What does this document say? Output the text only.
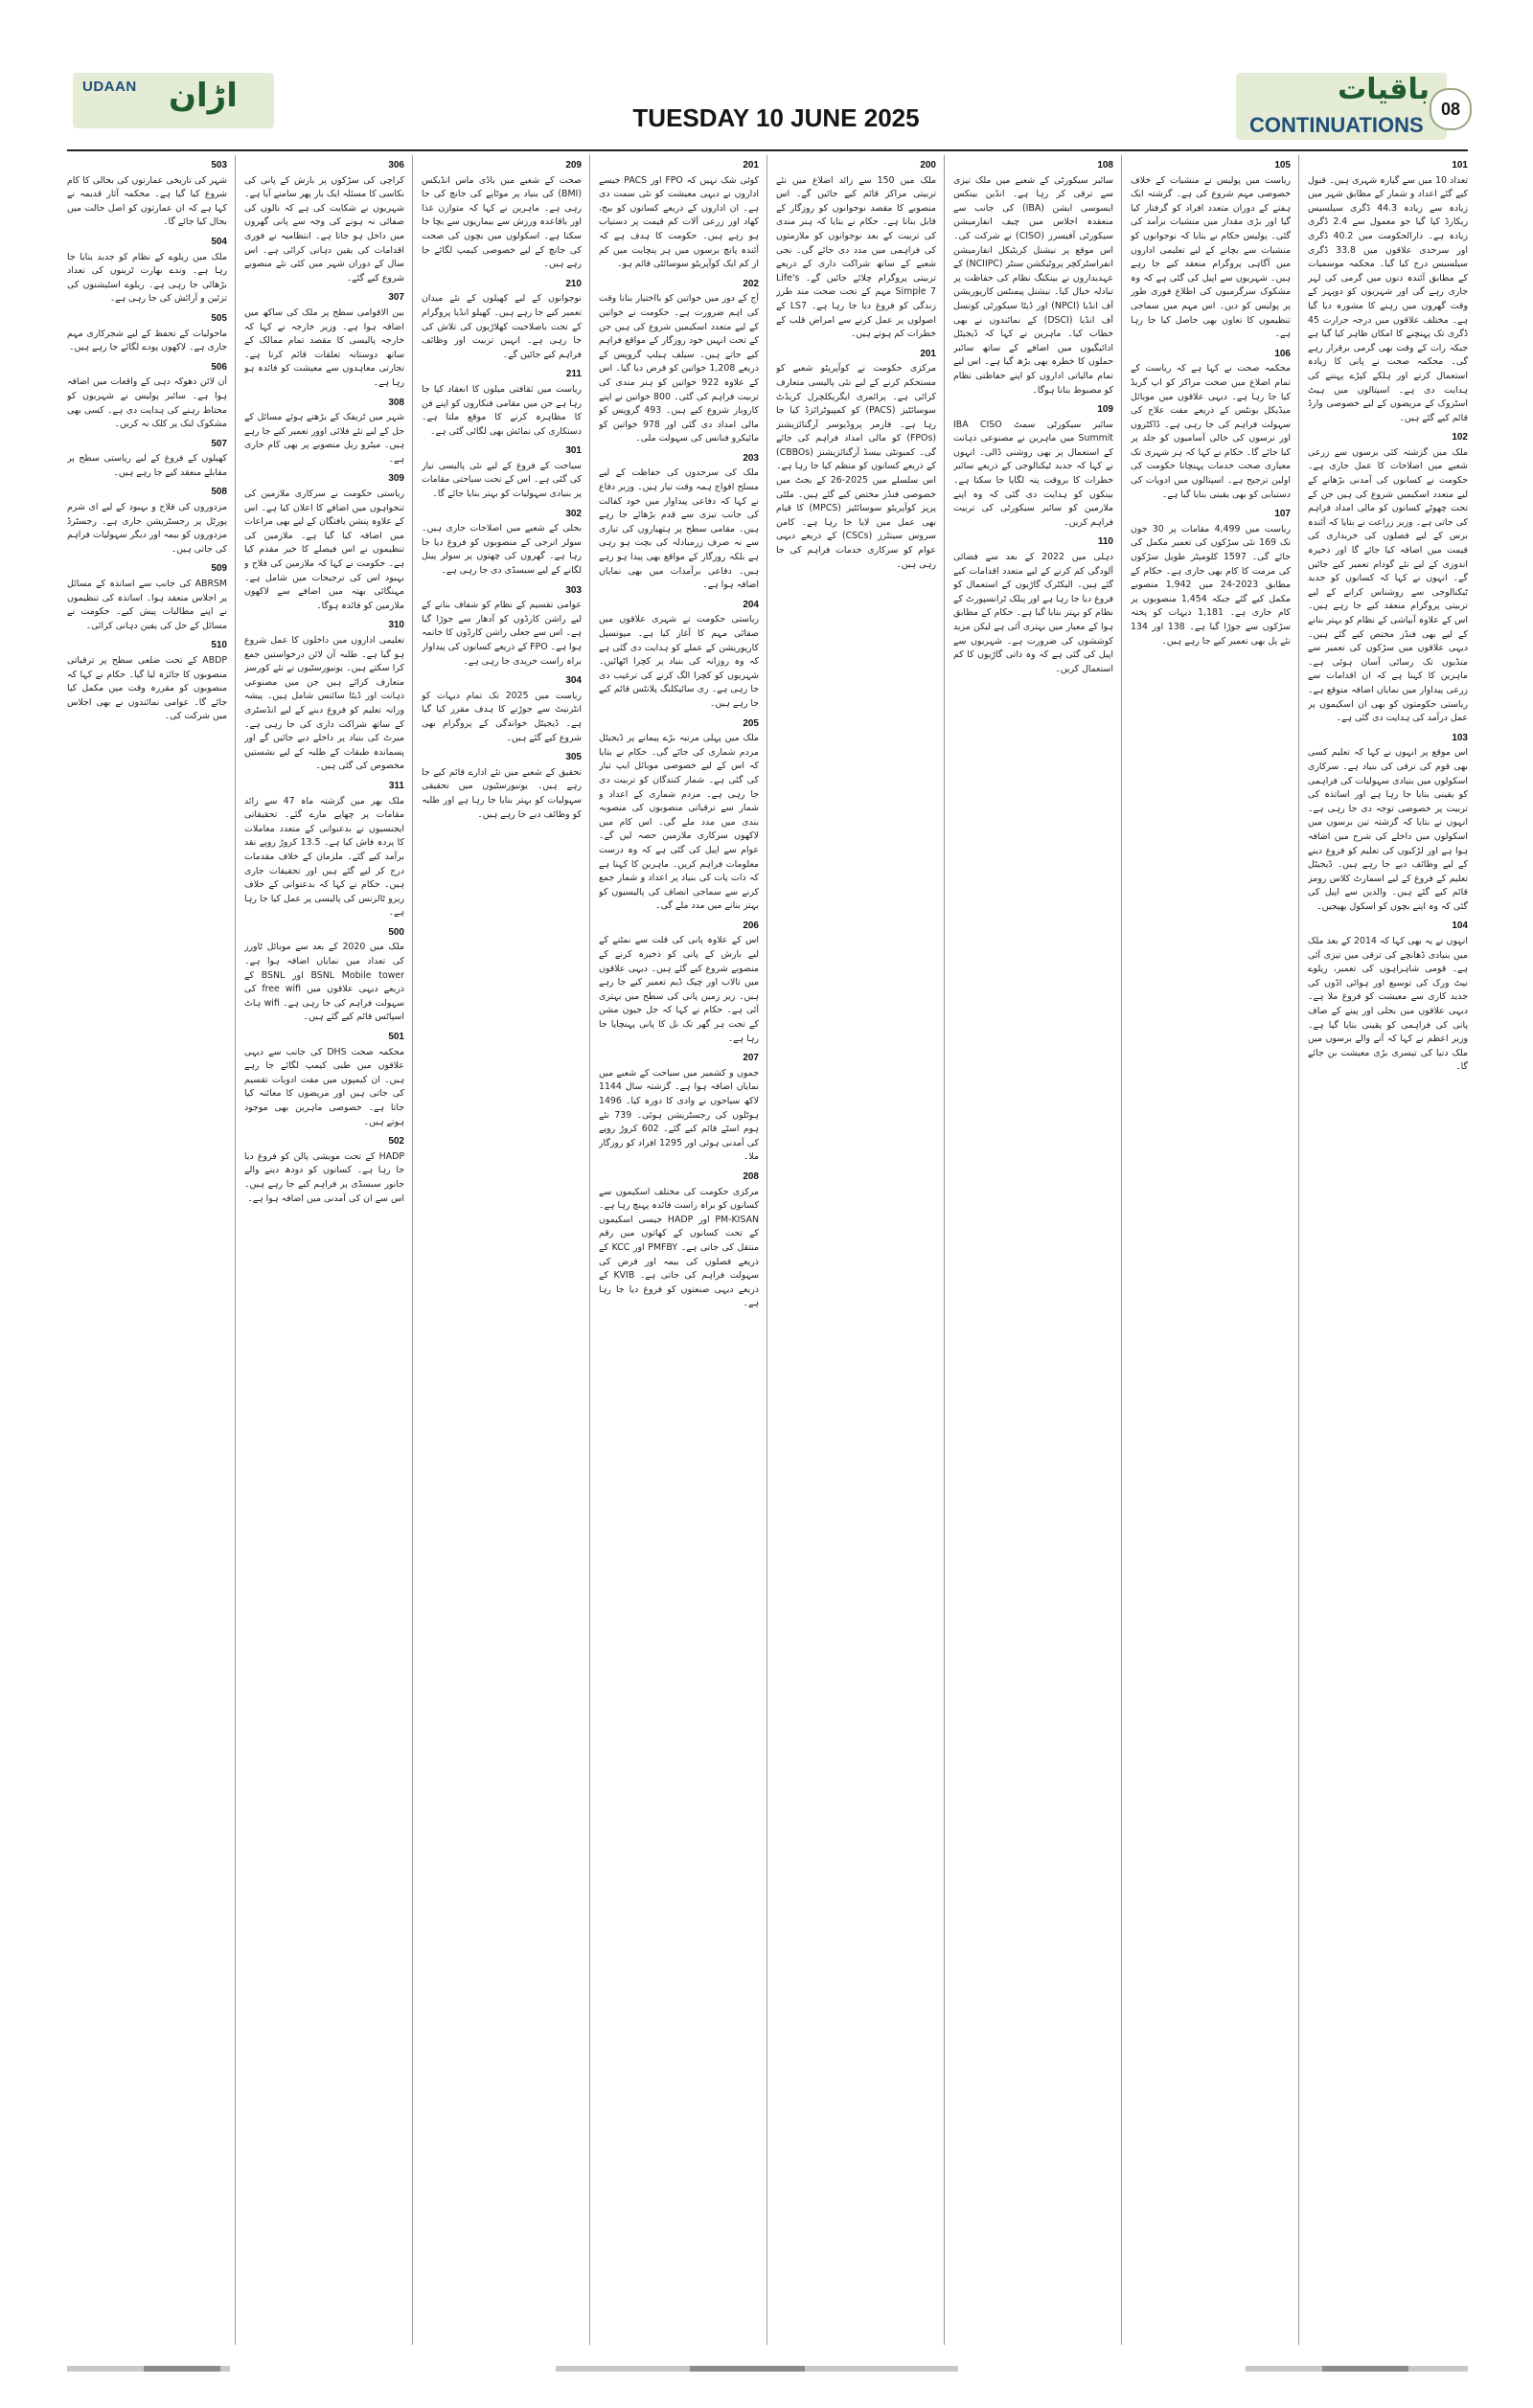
UDAAN اڑان
TUESDAY 10 JUNE 2025
باقیات
CONTINUATIONS
08
101
تعداد 10 میں سے گیارہ شہری ہیں۔ قبول کیے گئے اعداد و شمار کے مطابق شہر میں زیادہ سے زیادہ 44.3 ڈگری سیلسیس ریکارڈ کیا گیا جو معمول سے 2.4 ڈگری زیادہ ہے۔ دارالحکومت میں 40.2 ڈگری اور سرحدی علاقوں میں 33.8 ڈگری سیلسیس درج کیا گیا۔ محکمہ موسمیات کے مطابق آئندہ دنوں میں گرمی کی لہر جاری رہے گی اور شہریوں کو دوپہر کے وقت گھروں میں رہنے کا مشورہ دیا گیا ہے۔ مختلف علاقوں میں درجہ حرارت 45 ڈگری تک پہنچنے کا امکان ظاہر کیا گیا ہے جبکہ رات کے وقت بھی گرمی برقرار رہے گی۔ محکمہ صحت نے پانی کا زیادہ استعمال کرنے اور ہلکے کپڑے پہننے کی ہدایت دی ہے۔ اسپتالوں میں ہیٹ اسٹروک کے مریضوں کے لیے خصوصی وارڈ قائم کیے گئے ہیں۔
102
ملک میں گزشتہ کئی برسوں سے زرعی شعبے میں اصلاحات کا عمل جاری ہے۔ حکومت نے کسانوں کی آمدنی بڑھانے کے لیے متعدد اسکیمیں شروع کی ہیں جن کے تحت چھوٹے کسانوں کو مالی امداد فراہم کی جاتی ہے۔ وزیر زراعت نے بتایا کہ آئندہ برس کے لیے فصلوں کی خریداری کی قیمت میں اضافہ کیا جائے گا اور ذخیرہ اندوزی کے لیے نئے گودام تعمیر کیے جائیں گے۔ انہوں نے کہا کہ کسانوں کو جدید ٹیکنالوجی سے روشناس کرانے کے لیے تربیتی پروگرام منعقد کیے جا رہے ہیں۔ اس کے علاوہ آبپاشی کے نظام کو بہتر بنانے کے لیے بھی فنڈز مختص کیے گئے ہیں۔ دیہی علاقوں میں سڑکوں کی تعمیر سے منڈیوں تک رسائی آسان ہوئی ہے۔ ماہرین کا کہنا ہے کہ ان اقدامات سے زرعی پیداوار میں نمایاں اضافہ متوقع ہے۔ ریاستی حکومتوں کو بھی ان اسکیموں پر عمل درآمد کی ہدایت دی گئی ہے۔
103
اس موقع پر انہوں نے کہا کہ تعلیم کسی بھی قوم کی ترقی کی بنیاد ہے۔ سرکاری اسکولوں میں بنیادی سہولیات کی فراہمی کو یقینی بنایا جا رہا ہے اور اساتذہ کی تربیت پر خصوصی توجہ دی جا رہی ہے۔ انہوں نے بتایا کہ گزشتہ تین برسوں میں اسکولوں میں داخلے کی شرح میں اضافہ ہوا ہے اور لڑکیوں کی تعلیم کو فروغ دینے کے لیے وظائف دیے جا رہے ہیں۔ ڈیجیٹل تعلیم کے فروغ کے لیے اسمارٹ کلاس رومز قائم کیے گئے ہیں۔ والدین سے اپیل کی گئی کہ وہ اپنے بچوں کو اسکول بھیجیں۔
104
انہوں نے یہ بھی کہا کہ 2014 کے بعد ملک میں بنیادی ڈھانچے کی ترقی میں تیزی آئی ہے۔ قومی شاہراہوں کی تعمیر، ریلوے نیٹ ورک کی توسیع اور ہوائی اڈوں کی جدید کاری سے معیشت کو فروغ ملا ہے۔ دیہی علاقوں میں بجلی اور پینے کے صاف پانی کی فراہمی کو یقینی بنایا گیا ہے۔ وزیر اعظم نے کہا کہ آنے والے برسوں میں ملک دنیا کی تیسری بڑی معیشت بن جائے گا۔
105
ریاست میں پولیس نے منشیات کے خلاف خصوصی مہم شروع کی ہے۔ گزشتہ ایک ہفتے کے دوران متعدد افراد کو گرفتار کیا گیا اور بڑی مقدار میں منشیات برآمد کی گئی۔ پولیس حکام نے بتایا کہ نوجوانوں کو منشیات سے بچانے کے لیے تعلیمی اداروں میں آگاہی پروگرام منعقد کیے جا رہے ہیں۔ شہریوں سے اپیل کی گئی ہے کہ وہ مشکوک سرگرمیوں کی اطلاع فوری طور پر پولیس کو دیں۔ اس مہم میں سماجی تنظیموں کا تعاون بھی حاصل کیا جا رہا ہے۔
106
محکمہ صحت نے کہا ہے کہ ریاست کے تمام اضلاع میں صحت مراکز کو اپ گریڈ کیا جا رہا ہے۔ دیہی علاقوں میں موبائل میڈیکل یونٹس کے ذریعے مفت علاج کی سہولت فراہم کی جا رہی ہے۔ ڈاکٹروں اور نرسوں کی خالی آسامیوں کو جلد پر کیا جائے گا۔ حکام نے کہا کہ ہر شہری تک معیاری صحت خدمات پہنچانا حکومت کی اولین ترجیح ہے۔ اسپتالوں میں ادویات کی دستیابی کو بھی یقینی بنایا گیا ہے۔
107
ریاست میں 4,499 مقامات پر 30 جون تک 169 نئی سڑکوں کی تعمیر مکمل کی جائے گی۔ 1597 کلومیٹر طویل سڑکوں کی مرمت کا کام بھی جاری ہے۔ حکام کے مطابق 2023-24 میں 1,942 منصوبے مکمل کیے گئے جبکہ 1,454 منصوبوں پر کام جاری ہے۔ 1,181 دیہات کو پختہ سڑکوں سے جوڑا گیا ہے۔ 138 اور 134 نئے پل بھی تعمیر کیے جا رہے ہیں۔
108
سائبر سیکورٹی کے شعبے میں ملک تیزی سے ترقی کر رہا ہے۔ انڈین بینکس ایسوسی ایشن (IBA) کی جانب سے منعقدہ اجلاس میں چیف انفارمیشن سیکورٹی آفیسرز (CISO) نے شرکت کی۔ اس موقع پر نیشنل کریٹیکل انفارمیشن انفراسٹرکچر پروٹیکشن سنٹر (NCIIPC) کے عہدیداروں نے بینکنگ نظام کی حفاظت پر تبادلہ خیال کیا۔ نیشنل پیمنٹس کارپوریشن آف انڈیا (NPCI) اور ڈیٹا سیکورٹی کونسل آف انڈیا (DSCI) کے نمائندوں نے بھی خطاب کیا۔ ماہرین نے کہا کہ ڈیجیٹل ادائیگیوں میں اضافے کے ساتھ سائبر حملوں کا خطرہ بھی بڑھ گیا ہے۔ اس لیے تمام مالیاتی اداروں کو اپنے حفاظتی نظام کو مضبوط بنانا ہوگا۔
109
سائبر سیکورٹی سمٹ IBA CISO Summit میں ماہرین نے مصنوعی ذہانت کے استعمال پر بھی روشنی ڈالی۔ انہوں نے کہا کہ جدید ٹیکنالوجی کے ذریعے سائبر خطرات کا بروقت پتہ لگایا جا سکتا ہے۔ بینکوں کو ہدایت دی گئی کہ وہ اپنے ملازمین کو سائبر سیکورٹی کی تربیت فراہم کریں۔
110
دہلی میں 2022 کے بعد سے فضائی آلودگی کم کرنے کے لیے متعدد اقدامات کیے گئے ہیں۔ الیکٹرک گاڑیوں کے استعمال کو فروغ دیا جا رہا ہے اور پبلک ٹرانسپورٹ کے نظام کو بہتر بنایا گیا ہے۔ حکام کے مطابق ہوا کے معیار میں بہتری آئی ہے لیکن مزید کوششوں کی ضرورت ہے۔ شہریوں سے اپیل کی گئی ہے کہ وہ ذاتی گاڑیوں کا کم استعمال کریں۔
200
ملک میں 150 سے زائد اضلاع میں نئے تربیتی مراکز قائم کیے جائیں گے۔ اس منصوبے کا مقصد نوجوانوں کو روزگار کے قابل بنانا ہے۔ حکام نے بتایا کہ ہنر مندی کی تربیت کے بعد نوجوانوں کو ملازمتوں کی فراہمی میں مدد دی جائے گی۔ نجی شعبے کے ساتھ شراکت داری کے ذریعے تربیتی پروگرام چلائے جائیں گے۔ Life's Simple 7 مہم کے تحت صحت مند طرز زندگی کو فروغ دیا جا رہا ہے۔ LS7 کے اصولوں پر عمل کرنے سے امراض قلب کے خطرات کم ہوتے ہیں۔
201
مرکزی حکومت نے کوآپریٹو شعبے کو مستحکم کرنے کے لیے نئی پالیسی متعارف کرائی ہے۔ پرائمری ایگریکلچرل کریڈٹ سوسائٹیز (PACS) کو کمپیوٹرائزڈ کیا جا رہا ہے۔ فارمر پروڈیوسر آرگنائزیشنز (FPOs) کو مالی امداد فراہم کی جائے گی۔ کمیونٹی بیسڈ آرگنائزیشنز (CBBOs) کے ذریعے کسانوں کو منظم کیا جا رہا ہے۔ اس سلسلے میں 2025-26 کے بجٹ میں خصوصی فنڈز مختص کیے گئے ہیں۔ ملٹی پرپز کوآپریٹو سوسائٹیز (MPCS) کا قیام بھی عمل میں لایا جا رہا ہے۔ کامن سروس سینٹرز (CSCs) کے ذریعے دیہی عوام کو سرکاری خدمات فراہم کی جا رہی ہیں۔
201
کوئی شک نہیں کہ FPO اور PACS جیسے اداروں نے دیہی معیشت کو نئی سمت دی ہے۔ ان اداروں کے ذریعے کسانوں کو بیج، کھاد اور زرعی آلات کم قیمت پر دستیاب ہو رہے ہیں۔ حکومت کا ہدف ہے کہ آئندہ پانچ برسوں میں ہر پنچایت میں کم از کم ایک کوآپریٹو سوسائٹی قائم ہو۔
202
آج کے دور میں خواتین کو بااختیار بنانا وقت کی اہم ضرورت ہے۔ حکومت نے خواتین کے لیے متعدد اسکیمیں شروع کی ہیں جن کے تحت انہیں خود روزگار کے مواقع فراہم کیے جاتے ہیں۔ سیلف ہیلپ گروپس کے ذریعے 1,208 خواتین کو قرض دیا گیا۔ اس کے علاوہ 922 خواتین کو ہنر مندی کی تربیت فراہم کی گئی۔ 800 خواتین نے اپنے کاروبار شروع کیے ہیں۔ 493 گروپس کو مالی امداد دی گئی اور 978 خواتین کو مائیکرو فنانس کی سہولت ملی۔
203
ملک کی سرحدوں کی حفاظت کے لیے مسلح افواج ہمہ وقت تیار ہیں۔ وزیر دفاع نے کہا کہ دفاعی پیداوار میں خود کفالت کی جانب تیزی سے قدم بڑھائے جا رہے ہیں۔ مقامی سطح پر ہتھیاروں کی تیاری سے نہ صرف زرمبادلہ کی بچت ہو رہی ہے بلکہ روزگار کے مواقع بھی پیدا ہو رہے ہیں۔ دفاعی برآمدات میں بھی نمایاں اضافہ ہوا ہے۔
204
ریاستی حکومت نے شہری علاقوں میں صفائی مہم کا آغاز کیا ہے۔ میونسپل کارپوریشن کے عملے کو ہدایت دی گئی ہے کہ وہ روزانہ کی بنیاد پر کچرا اٹھائیں۔ شہریوں کو کچرا الگ کرنے کی ترغیب دی جا رہی ہے۔ ری سائیکلنگ پلانٹس قائم کیے جا رہے ہیں۔
205
ملک میں پہلی مرتبہ بڑے پیمانے پر ڈیجیٹل مردم شماری کی جائے گی۔ حکام نے بتایا کہ اس کے لیے خصوصی موبائل ایپ تیار کی گئی ہے۔ شمار کنندگان کو تربیت دی جا رہی ہے۔ مردم شماری کے اعداد و شمار سے ترقیاتی منصوبوں کی منصوبہ بندی میں مدد ملے گی۔ اس کام میں لاکھوں سرکاری ملازمین حصہ لیں گے۔ عوام سے اپیل کی گئی ہے کہ وہ درست معلومات فراہم کریں۔ ماہرین کا کہنا ہے کہ ذات پات کی بنیاد پر اعداد و شمار جمع کرنے سے سماجی انصاف کی پالیسیوں کو بہتر بنانے میں مدد ملے گی۔
206
اس کے علاوہ پانی کی قلت سے نمٹنے کے لیے بارش کے پانی کو ذخیرہ کرنے کے منصوبے شروع کیے گئے ہیں۔ دیہی علاقوں میں تالاب اور چیک ڈیم تعمیر کیے جا رہے ہیں۔ زیر زمین پانی کی سطح میں بہتری آئی ہے۔ حکام نے کہا کہ جل جیون مشن کے تحت ہر گھر تک نل کا پانی پہنچایا جا رہا ہے۔
207
جموں و کشمیر میں سیاحت کے شعبے میں نمایاں اضافہ ہوا ہے۔ گزشتہ سال 1144 لاکھ سیاحوں نے وادی کا دورہ کیا۔ 1496 ہوٹلوں کی رجسٹریشن ہوئی۔ 739 نئے ہوم اسٹے قائم کیے گئے۔ 602 کروڑ روپے کی آمدنی ہوئی اور 1295 افراد کو روزگار ملا۔
208
مرکزی حکومت کی مختلف اسکیموں سے کسانوں کو براہ راست فائدہ پہنچ رہا ہے۔ PM-KISAN اور HADP جیسی اسکیموں کے تحت کسانوں کے کھاتوں میں رقم منتقل کی جاتی ہے۔ PMFBY اور KCC کے ذریعے فصلوں کی بیمہ اور قرض کی سہولت فراہم کی جاتی ہے۔ KVIB کے ذریعے دیہی صنعتوں کو فروغ دیا جا رہا ہے۔
209
صحت کے شعبے میں باڈی ماس انڈیکس (BMI) کی بنیاد پر موٹاپے کی جانچ کی جا رہی ہے۔ ماہرین نے کہا کہ متوازن غذا اور باقاعدہ ورزش سے بیماریوں سے بچا جا سکتا ہے۔ اسکولوں میں بچوں کی صحت کی جانچ کے لیے خصوصی کیمپ لگائے جا رہے ہیں۔
210
نوجوانوں کے لیے کھیلوں کے نئے میدان تعمیر کیے جا رہے ہیں۔ کھیلو انڈیا پروگرام کے تحت باصلاحیت کھلاڑیوں کی تلاش کی جا رہی ہے۔ انہیں تربیت اور وظائف فراہم کیے جائیں گے۔
211
ریاست میں ثقافتی میلوں کا انعقاد کیا جا رہا ہے جن میں مقامی فنکاروں کو اپنے فن کا مظاہرہ کرنے کا موقع ملتا ہے۔ دستکاری کی نمائش بھی لگائی گئی ہے۔
301
سیاحت کے فروغ کے لیے نئی پالیسی تیار کی گئی ہے۔ اس کے تحت سیاحتی مقامات پر بنیادی سہولیات کو بہتر بنایا جائے گا۔
302
بجلی کے شعبے میں اصلاحات جاری ہیں۔ سولر انرجی کے منصوبوں کو فروغ دیا جا رہا ہے۔ گھروں کی چھتوں پر سولر پینل لگانے کے لیے سبسڈی دی جا رہی ہے۔
303
عوامی تقسیم کے نظام کو شفاف بنانے کے لیے راشن کارڈوں کو آدھار سے جوڑا گیا ہے۔ اس سے جعلی راشن کارڈوں کا خاتمہ ہوا ہے۔ FPO کے ذریعے کسانوں کی پیداوار براہ راست خریدی جا رہی ہے۔
304
ریاست میں 2025 تک تمام دیہات کو انٹرنیٹ سے جوڑنے کا ہدف مقرر کیا گیا ہے۔ ڈیجیٹل خواندگی کے پروگرام بھی شروع کیے گئے ہیں۔
305
تحقیق کے شعبے میں نئے ادارے قائم کیے جا رہے ہیں۔ یونیورسٹیوں میں تحقیقی سہولیات کو بہتر بنایا جا رہا ہے اور طلبہ کو وظائف دیے جا رہے ہیں۔
306
کراچی کی سڑکوں پر بارش کے پانی کی نکاسی کا مسئلہ ایک بار پھر سامنے آیا ہے۔ شہریوں نے شکایت کی ہے کہ نالوں کی صفائی نہ ہونے کی وجہ سے پانی گھروں میں داخل ہو جاتا ہے۔ انتظامیہ نے فوری اقدامات کی یقین دہانی کرائی ہے۔ اس سال کے دوران شہر میں کئی نئے منصوبے شروع کیے گئے۔
307
بین الاقوامی سطح پر ملک کی ساکھ میں اضافہ ہوا ہے۔ وزیر خارجہ نے کہا کہ خارجہ پالیسی کا مقصد تمام ممالک کے ساتھ دوستانہ تعلقات قائم کرنا ہے۔ تجارتی معاہدوں سے معیشت کو فائدہ ہو رہا ہے۔
308
شہر میں ٹریفک کے بڑھتے ہوئے مسائل کے حل کے لیے نئے فلائی اوور تعمیر کیے جا رہے ہیں۔ میٹرو ریل منصوبے پر بھی کام جاری ہے۔
309
ریاستی حکومت نے سرکاری ملازمین کی تنخواہوں میں اضافے کا اعلان کیا ہے۔ اس کے علاوہ پنشن یافتگان کے لیے بھی مراعات میں اضافہ کیا گیا ہے۔ ملازمین کی تنظیموں نے اس فیصلے کا خیر مقدم کیا ہے۔ حکومت نے کہا کہ ملازمین کی فلاح و بہبود اس کی ترجیحات میں شامل ہے۔ مہنگائی بھتہ میں اضافے سے لاکھوں ملازمین کو فائدہ ہوگا۔
310
تعلیمی اداروں میں داخلوں کا عمل شروع ہو گیا ہے۔ طلبہ آن لائن درخواستیں جمع کرا سکتے ہیں۔ یونیورسٹیوں نے نئے کورسز متعارف کرائے ہیں جن میں مصنوعی ذہانت اور ڈیٹا سائنس شامل ہیں۔ پیشہ ورانہ تعلیم کو فروغ دینے کے لیے انڈسٹری کے ساتھ شراکت داری کی جا رہی ہے۔ میرٹ کی بنیاد پر داخلے دیے جائیں گے اور پسماندہ طبقات کے طلبہ کے لیے نشستیں مخصوص کی گئی ہیں۔
311
ملک بھر میں گزشتہ ماہ 47 سے زائد مقامات پر چھاپے مارے گئے۔ تحقیقاتی ایجنسیوں نے بدعنوانی کے متعدد معاملات کا پردہ فاش کیا ہے۔ 13.5 کروڑ روپے نقد برآمد کیے گئے۔ ملزمان کے خلاف مقدمات درج کر لیے گئے ہیں اور تحقیقات جاری ہیں۔ حکام نے کہا کہ بدعنوانی کے خلاف زیرو ٹالرنس کی پالیسی پر عمل کیا جا رہا ہے۔
500
ملک میں 2020 کے بعد سے موبائل ٹاورز کی تعداد میں نمایاں اضافہ ہوا ہے۔ BSNL Mobile tower اور BSNL کے ذریعے دیہی علاقوں میں free wifi کی سہولت فراہم کی جا رہی ہے۔ wifi ہاٹ اسپاٹس قائم کیے گئے ہیں۔
501
محکمہ صحت DHS کی جانب سے دیہی علاقوں میں طبی کیمپ لگائے جا رہے ہیں۔ ان کیمپوں میں مفت ادویات تقسیم کی جاتی ہیں اور مریضوں کا معائنہ کیا جاتا ہے۔ خصوصی ماہرین بھی موجود ہوتے ہیں۔
502
HADP کے تحت مویشی پالن کو فروغ دیا جا رہا ہے۔ کسانوں کو دودھ دینے والے جانور سبسڈی پر فراہم کیے جا رہے ہیں۔ اس سے ان کی آمدنی میں اضافہ ہوا ہے۔
503
شہر کی تاریخی عمارتوں کی بحالی کا کام شروع کیا گیا ہے۔ محکمہ آثار قدیمہ نے کہا ہے کہ ان عمارتوں کو اصل حالت میں بحال کیا جائے گا۔
504
ملک میں ریلوے کے نظام کو جدید بنایا جا رہا ہے۔ وندے بھارت ٹرینوں کی تعداد بڑھائی جا رہی ہے۔ ریلوے اسٹیشنوں کی تزئین و آرائش کی جا رہی ہے۔
505
ماحولیات کے تحفظ کے لیے شجرکاری مہم جاری ہے۔ لاکھوں پودے لگائے جا رہے ہیں۔
506
آن لائن دھوکہ دہی کے واقعات میں اضافہ ہوا ہے۔ سائبر پولیس نے شہریوں کو محتاط رہنے کی ہدایت دی ہے۔ کسی بھی مشکوک لنک پر کلک نہ کریں۔
507
کھیلوں کے فروغ کے لیے ریاستی سطح پر مقابلے منعقد کیے جا رہے ہیں۔
508
مزدوروں کی فلاح و بہبود کے لیے ای شرم پورٹل پر رجسٹریشن جاری ہے۔ رجسٹرڈ مزدوروں کو بیمہ اور دیگر سہولیات فراہم کی جاتی ہیں۔
509
ABRSM کی جانب سے اساتذہ کے مسائل پر اجلاس منعقد ہوا۔ اساتذہ کی تنظیموں نے اپنے مطالبات پیش کیے۔ حکومت نے مسائل کے حل کی یقین دہانی کرائی۔
510
ABDP کے تحت ضلعی سطح پر ترقیاتی منصوبوں کا جائزہ لیا گیا۔ حکام نے کہا کہ منصوبوں کو مقررہ وقت میں مکمل کیا جائے گا۔ عوامی نمائندوں نے بھی اجلاس میں شرکت کی۔
